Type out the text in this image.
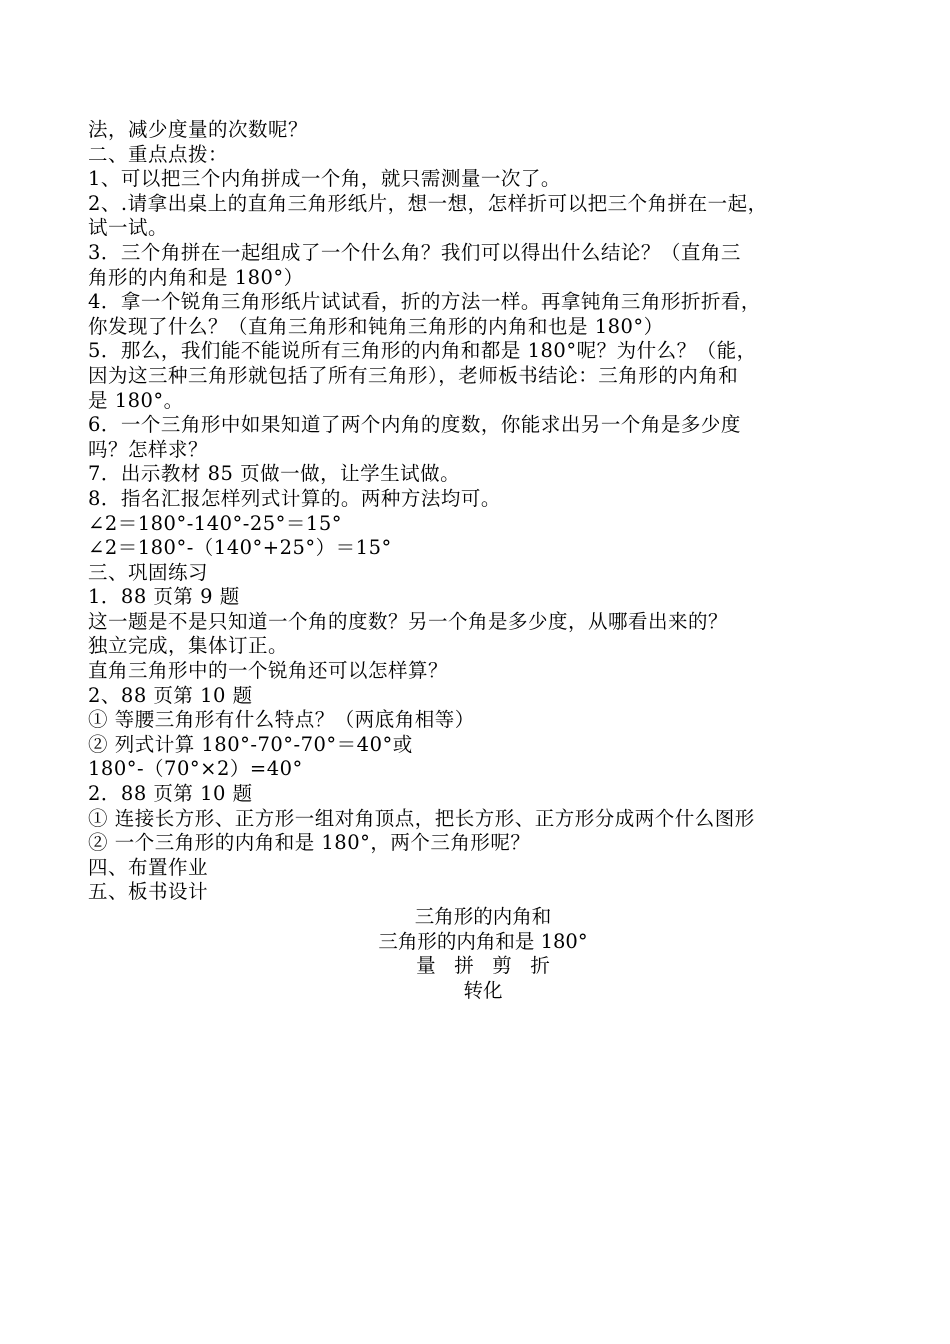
法，减少度量的次数呢？
二、重点点拨：
1、可以把三个内角拼成一个角，就只需测量一次了。
2、.请拿出桌上的直角三角形纸片，想一想，怎样折可以把三个角拼在一起，
试一试。
3．三个角拼在一起组成了一个什么角？我们可以得出什么结论？（直角三
角形的内角和是 180°）
4．拿一个锐角三角形纸片试试看，折的方法一样。再拿钝角三角形折折看，
你发现了什么？（直角三角形和钝角三角形的内角和也是 180°）
5．那么，我们能不能说所有三角形的内角和都是 180°呢？为什么？（能，
因为这三种三角形就包括了所有三角形），老师板书结论：三角形的内角和
是 180°。
6．一个三角形中如果知道了两个内角的度数，你能求出另一个角是多少度
吗？怎样求？
7．出示教材 85 页做一做，让学生试做。
8．指名汇报怎样列式计算的。两种方法均可。
∠2＝180°-140°-25°＝15°
∠2＝180°-（140°+25°）＝15°
三、巩固练习
1．88 页第 9 题
这一题是不是只知道一个角的度数？另一个角是多少度，从哪看出来的？
独立完成，集体订正。
直角三角形中的一个锐角还可以怎样算？
2、88 页第 10 题
① 等腰三角形有什么特点？（两底角相等）
② 列式计算 180°-70°-70°＝40°或
180°-（70°×2）=40°
2．88 页第 10 题
① 连接长方形、正方形一组对角顶点，把长方形、正方形分成两个什么图形
② 一个三角形的内角和是 180°，两个三角形呢？
四、布置作业
五、板书设计
三角形的内角和
三角形的内角和是 180°
量   拼   剪   折
转化
